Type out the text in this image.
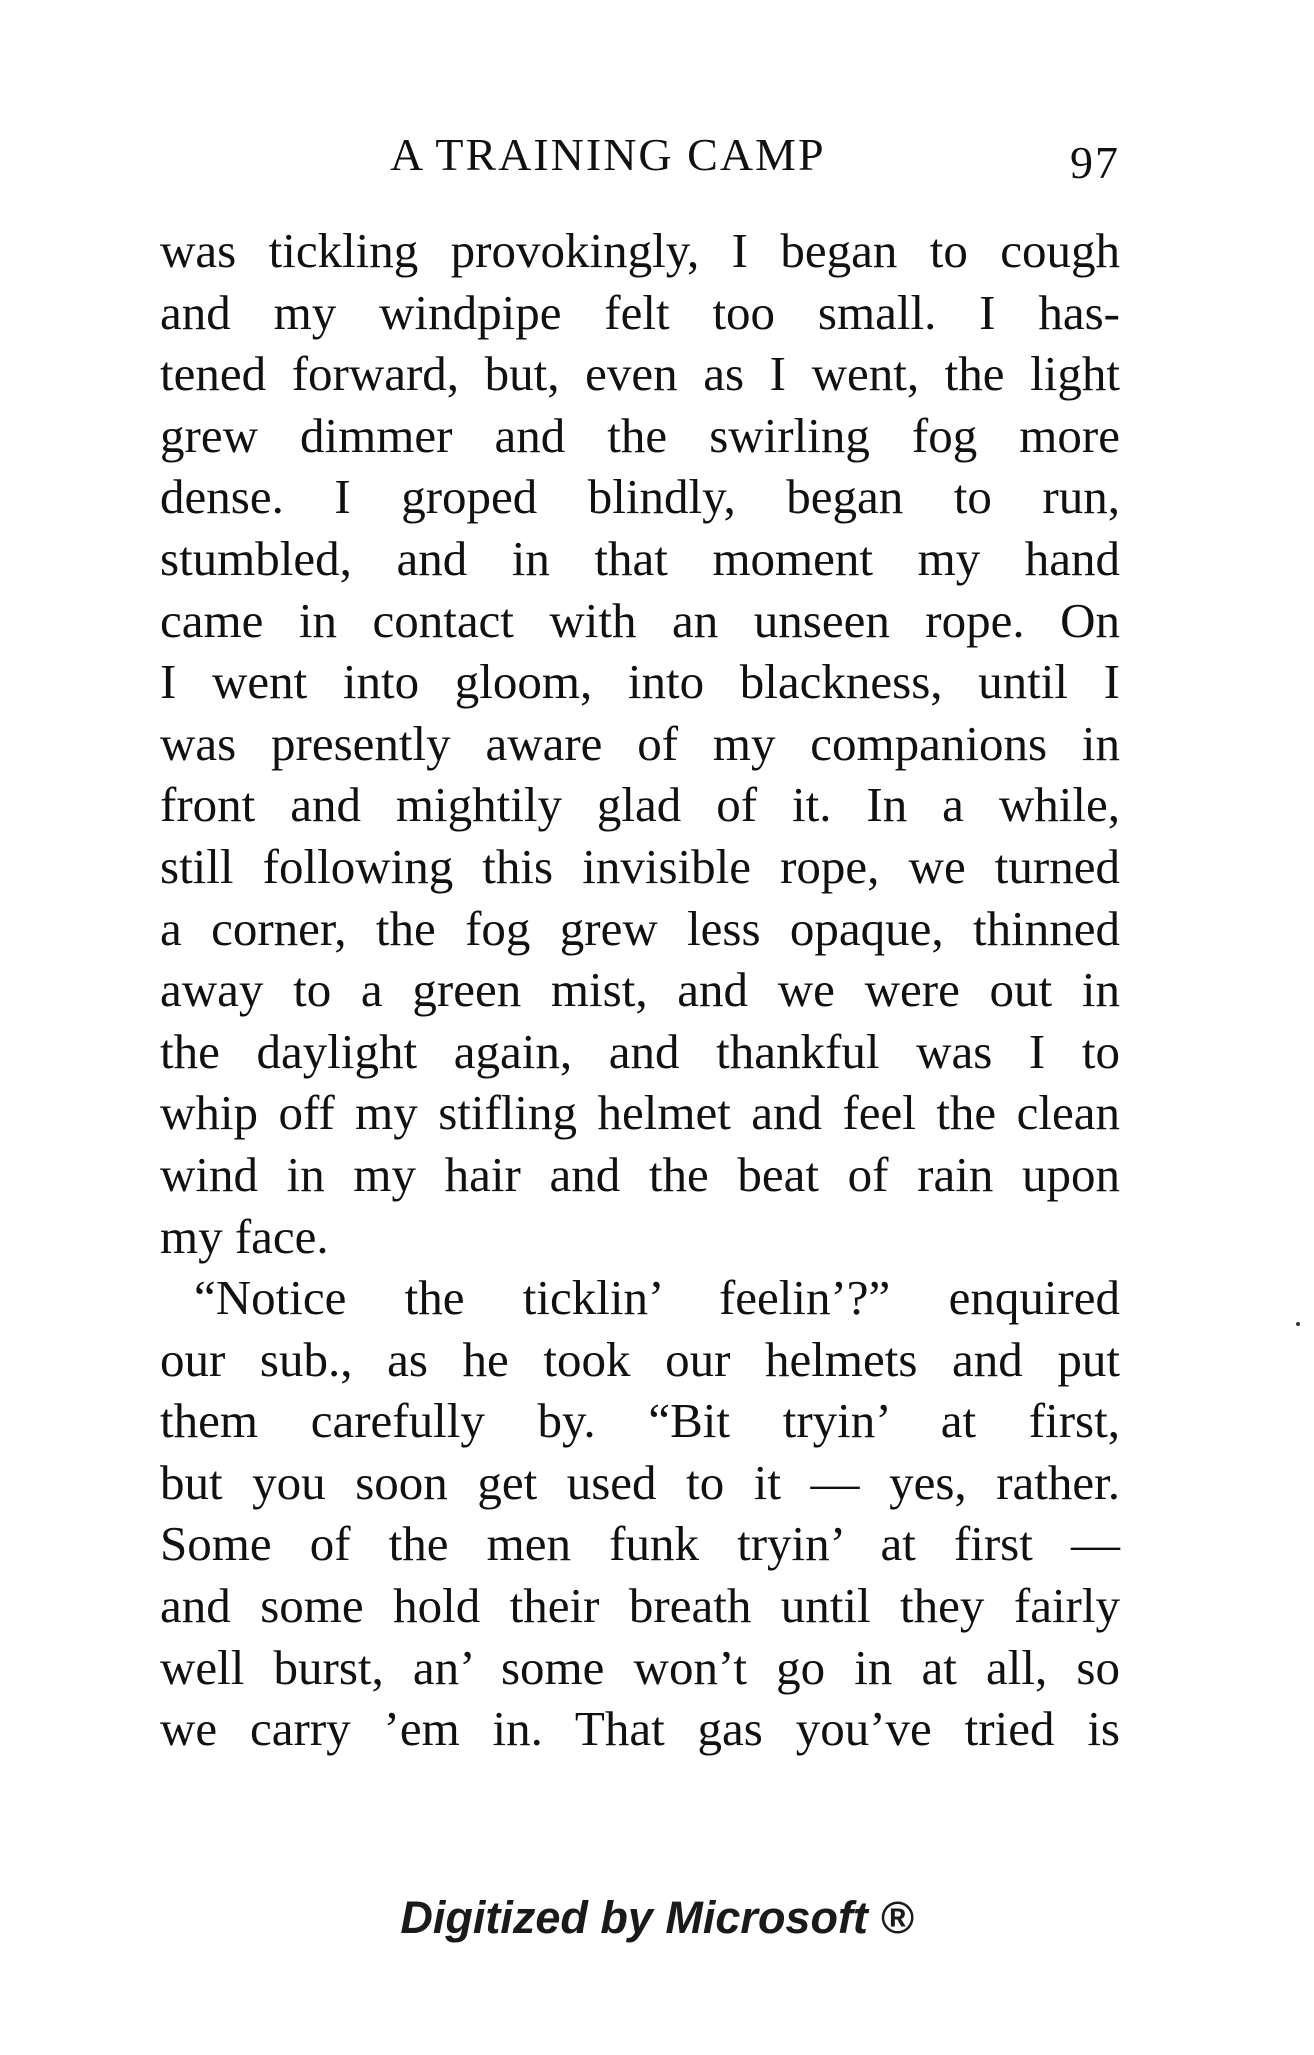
A TRAINING CAMP	97
was tickling provokingly, I began to cough
and my windpipe felt too small. I has-
tened forward, but, even as I went, the light
grew dimmer and the swirling fog more
dense. I groped blindly, began to run,
stumbled, and in that moment my hand
came in contact with an unseen rope. On
I went into gloom, into blackness, until I
was presently aware of my companions in
front and mightily glad of it. In a while,
still following this invisible rope, we turned
a corner, the fog grew less opaque, thinned
away to a green mist, and we were out in
the daylight again, and thankful was I to
whip off my stifling helmet and feel the clean
wind in my hair and the beat of rain upon
my face.
“Notice the ticklin’ feelin’?” enquired
our sub., as he took our helmets and put
them carefully by. “Bit tryin’ at first,
but you soon get used to it — yes, rather.
Some of the men funk tryin’ at first —
and some hold their breath until they fairly
well burst, an’ some won’t go in at all, so
we carry ’em in. That gas you’ve tried is
Digitized by Microsoft ®
